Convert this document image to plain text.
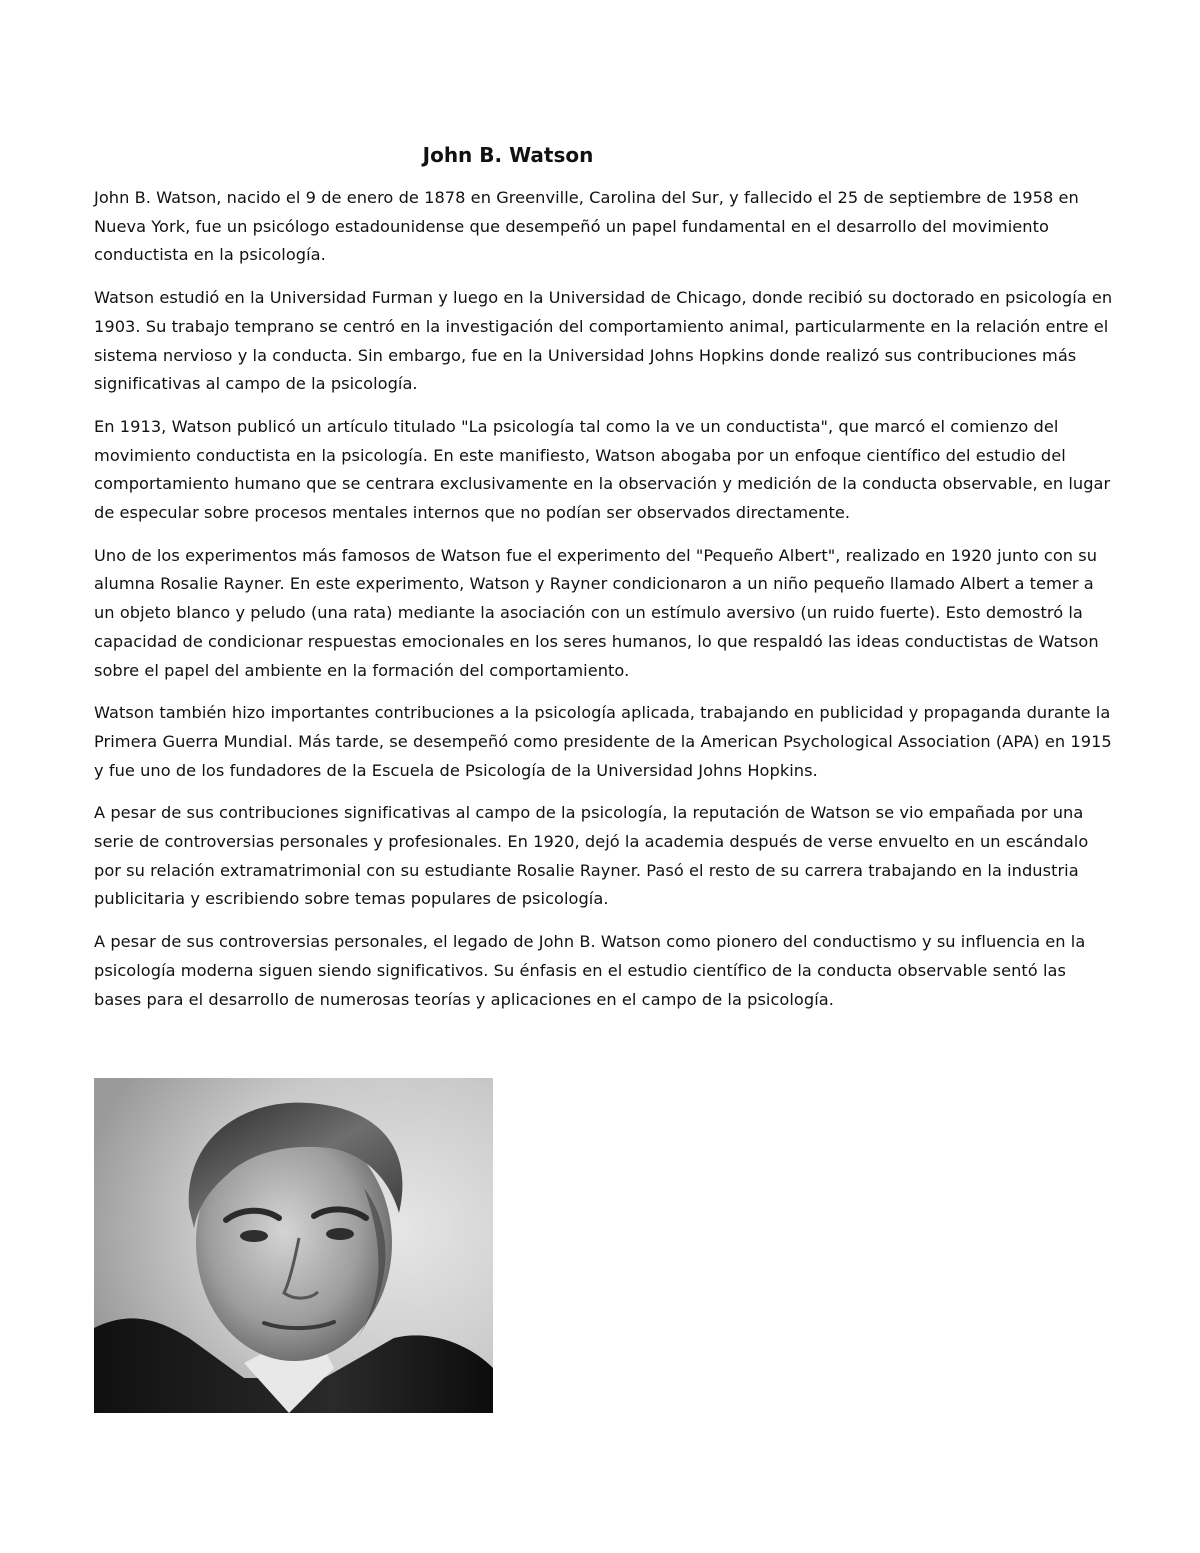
John B. Watson

John B. Watson, nacido el 9 de enero de 1878 en Greenville, Carolina del Sur, y fallecido el 25 de septiembre de 1958 en Nueva York, fue un psicólogo estadounidense que desempeñó un papel fundamental en el desarrollo del movimiento conductista en la psicología.

Watson estudió en la Universidad Furman y luego en la Universidad de Chicago, donde recibió su doctorado en psicología en 1903. Su trabajo temprano se centró en la investigación del comportamiento animal, particularmente en la relación entre el sistema nervioso y la conducta. Sin embargo, fue en la Universidad Johns Hopkins donde realizó sus contribuciones más significativas al campo de la psicología.

En 1913, Watson publicó un artículo titulado "La psicología tal como la ve un conductista", que marcó el comienzo del movimiento conductista en la psicología. En este manifiesto, Watson abogaba por un enfoque científico del estudio del comportamiento humano que se centrara exclusivamente en la observación y medición de la conducta observable, en lugar de especular sobre procesos mentales internos que no podían ser observados directamente.

Uno de los experimentos más famosos de Watson fue el experimento del "Pequeño Albert", realizado en 1920 junto con su alumna Rosalie Rayner. En este experimento, Watson y Rayner condicionaron a un niño pequeño llamado Albert a temer a un objeto blanco y peludo (una rata) mediante la asociación con un estímulo aversivo (un ruido fuerte). Esto demostró la capacidad de condicionar respuestas emocionales en los seres humanos, lo que respaldó las ideas conductistas de Watson sobre el papel del ambiente en la formación del comportamiento.

Watson también hizo importantes contribuciones a la psicología aplicada, trabajando en publicidad y propaganda durante la Primera Guerra Mundial. Más tarde, se desempeñó como presidente de la American Psychological Association (APA) en 1915 y fue uno de los fundadores de la Escuela de Psicología de la Universidad Johns Hopkins.

A pesar de sus contribuciones significativas al campo de la psicología, la reputación de Watson se vio empañada por una serie de controversias personales y profesionales. En 1920, dejó la academia después de verse envuelto en un escándalo por su relación extramatrimonial con su estudiante Rosalie Rayner. Pasó el resto de su carrera trabajando en la industria publicitaria y escribiendo sobre temas populares de psicología.

A pesar de sus controversias personales, el legado de John B. Watson como pionero del conductismo y su influencia en la psicología moderna siguen siendo significativos. Su énfasis en el estudio científico de la conducta observable sentó las bases para el desarrollo de numerosas teorías y aplicaciones en el campo de la psicología.
